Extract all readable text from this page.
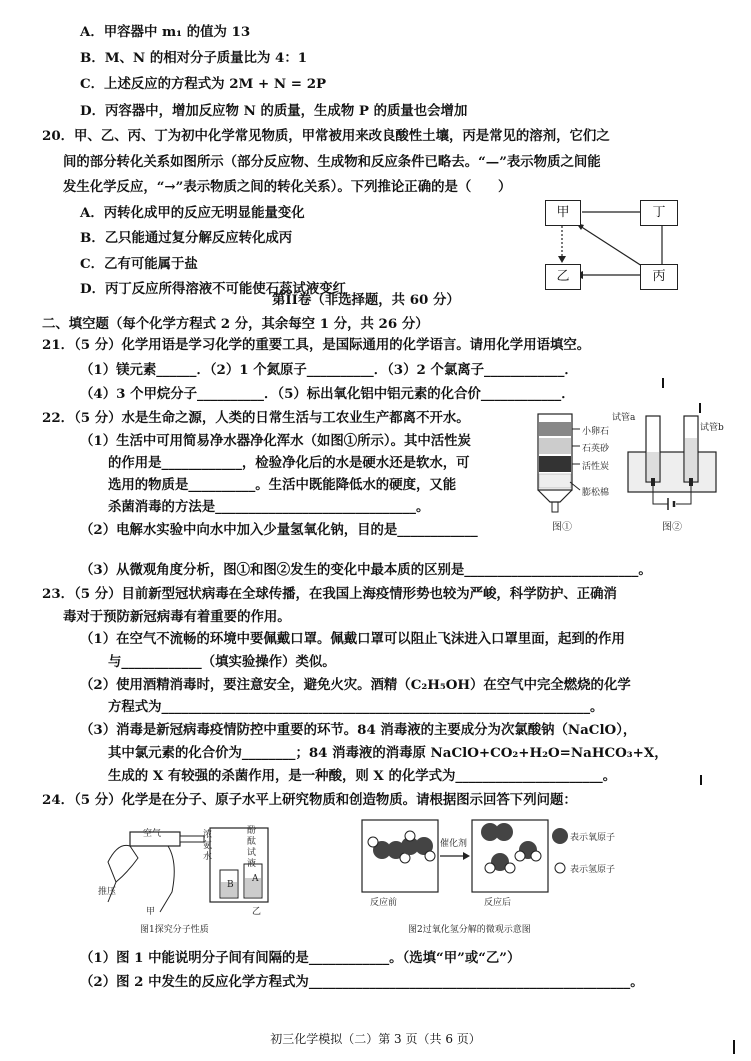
A．甲容器中 m₁ 的值为 13
B．M、N 的相对分子质量比为 4：1
C．上述反应的方程式为 2M + N = 2P
D．丙容器中，增加反应物 N 的质量，生成物 P 的质量也会增加
20．甲、乙、丙、丁为初中化学常见物质，甲常被用来改良酸性土壤，丙是常见的溶剂，它们之
间的部分转化关系如图所示（部分反应物、生成物和反应条件已略去。“—”表示物质之间能
发生化学反应，“→”表示物质之间的转化关系）。下列推论正确的是（　　）
A．丙转化成甲的反应无明显能量变化
B．乙只能通过复分解反应转化成丙
C．乙有可能属于盐
D．丙丁反应所得溶液不可能使石蕊试液变红
甲	丁
乙	丙
第II卷（非选择题，共 60 分）
二、填空题（每个化学方程式 2 分，其余每空 1 分，共 26 分）
21．（5 分）化学用语是学习化学的重要工具，是国际通用的化学语言。请用化学用语填空。
（1）镁元素______．（2）1 个氮原子__________．（3）2 个氯离子____________．
（4）3 个甲烷分子__________．（5）标出氧化铝中铝元素的化合价____________．
22．（5 分）水是生命之源，人类的日常生活与工农业生产都离不开水。
（1）生活中可用简易净水器净化浑水（如图①所示）。其中活性炭
的作用是____________，检验净化后的水是硬水还是软水，可
选用的物质是__________。生活中既能降低水的硬度，又能
杀菌消毒的方法是______________________________。
（2）电解水实验中向水中加入少量氢氧化钠，目的是____________
（3）从微观角度分析，图①和图②发生的变化中最本质的区别是__________________________。
小卵石
石英砂
活性炭
膨松棉
图①
试管a
试管b
图②
23．（5 分）目前新型冠状病毒在全球传播，在我国上海疫情形势也较为严峻，科学防护、正确消
毒对于预防新冠病毒有着重要的作用。
（1）在空气不流畅的环境中要佩戴口罩。佩戴口罩可以阻止飞沫进入口罩里面，起到的作用
与____________（填实验操作）类似。
（2）使用酒精消毒时，要注意安全，避免火灾。酒精（C₂H₅OH）在空气中完全燃烧的化学
方程式为________________________________________________________________。
（3）消毒是新冠病毒疫情防控中重要的环节。84 消毒液的主要成分为次氯酸钠（NaClO），
其中氯元素的化合价为________；84 消毒液的消毒原 NaClO+CO₂+H₂O=NaHCO₃+X，
生成的 X 有较强的杀菌作用，是一种酸，则 X 的化学式为______________________。
24．（5 分）化学是在分子、原子水平上研究物质和创造物质。请根据图示回答下列问题：
空气
推压
甲	乙
浓氨水
酚酞试液
B
A
图1探究分子性质
催化剂
反应前	反应后
表示氧原子
表示氢原子
图2过氧化氢分解的微观示意图
（1）图 1 中能说明分子间有间隔的是____________。（选填“甲”或“乙”）
（2）图 2 中发生的反应化学方程式为________________________________________________。
初三化学模拟（二）第 3 页（共 6 页）
